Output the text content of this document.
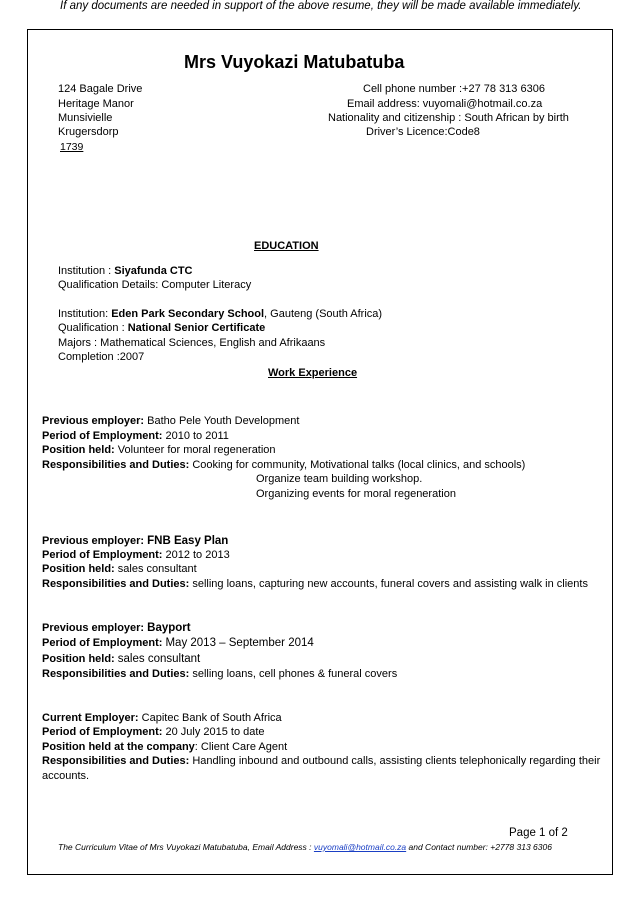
If any documents are needed in support of the above resume, they will be made available immediately.
Mrs Vuyokazi Matubatuba
124 Bagale Drive
Heritage Manor
Munsivielle
Krugersdorp
1739
Cell phone number :+27 78 313 6306
Email address: vuyomali@hotmail.co.za
Nationality and citizenship : South African by birth
Driver’s Licence:Code8
EDUCATION
Institution : Siyafunda CTC
Qualification Details: Computer Literacy
Institution: Eden Park Secondary School, Gauteng (South Africa)
Qualification : National Senior Certificate
Majors : Mathematical Sciences, English and Afrikaans
Completion :2007
Work Experience
Previous employer: Batho Pele Youth Development
Period of Employment: 2010 to 2011
Position held: Volunteer for moral regeneration
Responsibilities and Duties: Cooking for community, Motivational talks (local clinics, and schools)
Organize team building workshop.
Organizing events for moral regeneration
Previous employer: FNB Easy Plan
Period of Employment: 2012 to 2013
Position held: sales consultant
Responsibilities and Duties: selling loans, capturing new accounts, funeral covers and assisting walk in clients
Previous employer: Bayport
Period of Employment: May 2013 – September 2014
Position held: sales consultant
Responsibilities and Duties: selling loans, cell phones & funeral covers
Current Employer: Capitec Bank of South Africa
Period of Employment: 20 July 2015 to date
Position held at the company: Client Care Agent
Responsibilities and Duties: Handling inbound and outbound calls, assisting clients telephonically regarding their
accounts.
Page 1 of 2
The Curriculum Vitae of Mrs Vuyokazi Matubatuba, Email Address : vuyomali@hotmail.co.za and Contact number: +2778 313 6306
